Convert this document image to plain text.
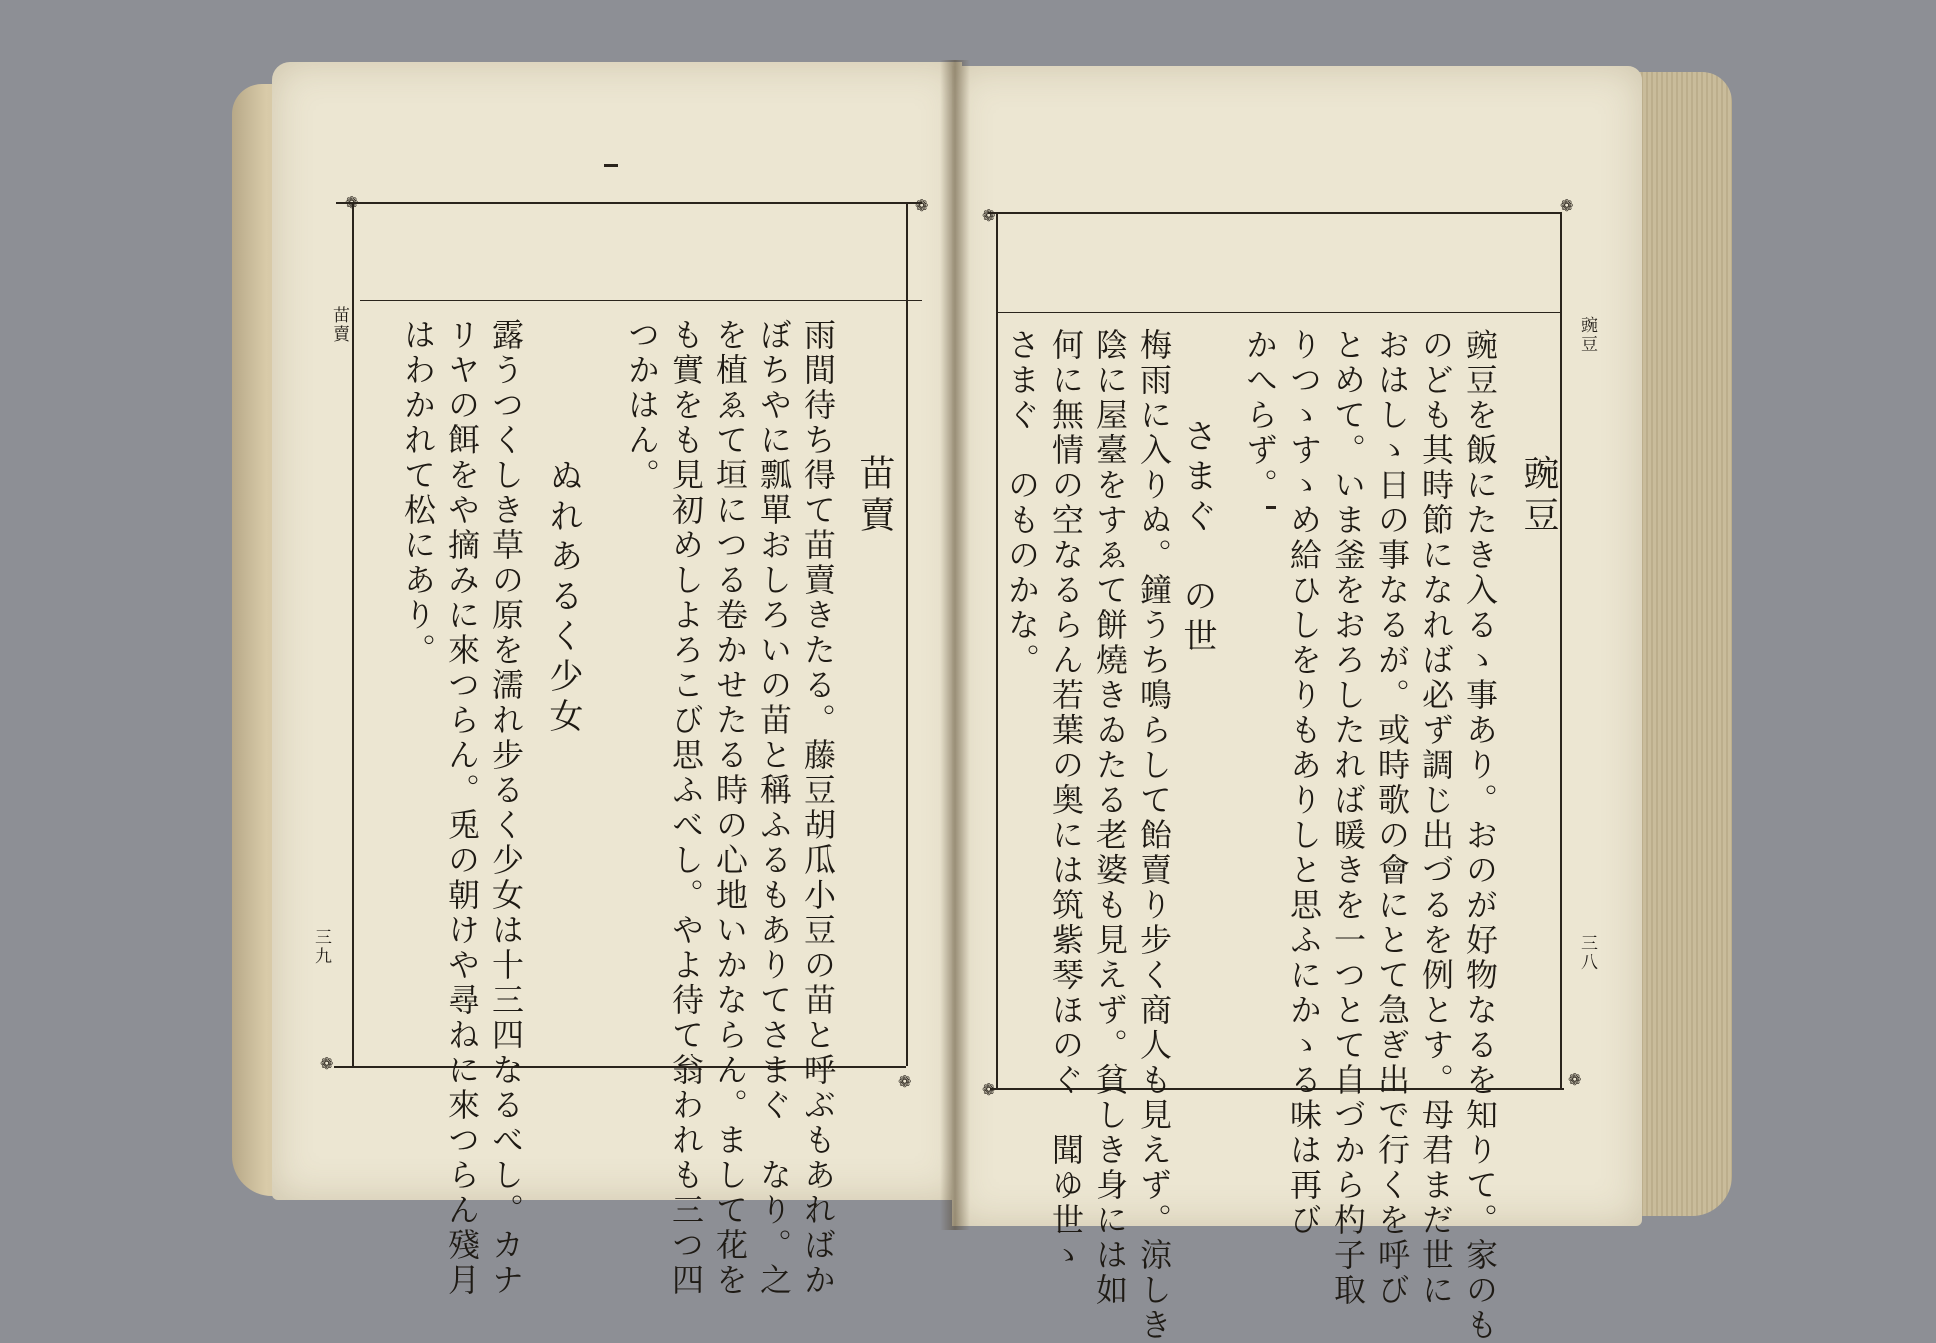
❁	❁
❁
❁
❁
❁
❁
❁
苗賣
三九
苗賣
雨間待ち得て苗賣きたる。藤豆胡瓜小豆の苗と呼ぶもあればか
ぼちやに瓢單おしろいの苗と稱ふるもありてさまぐ　なり。之
を植ゑて垣につる卷かせたる時の心地いかならん。まして花を
も實をも見初めしよろこび思ふべし。やよ待て翁われも三つ四
つかはん。
ぬれあるく少女
露うつくしき草の原を濡れ步るく少女は十三四なるべし。カナ
リヤの餌をや摘みに來つらん。兎の朝けや尋ねに來つらん殘月
はわかれて松にあり。	豌豆
三八
豌豆
豌豆を飯にたき入るゝ事あり。おのが好物なるを知りて。家のも
のども其時節になれば必ず調じ出づるを例とす。母君まだ世に
おはしゝ日の事なるが。或時歌の會にとて急ぎ出で行くを呼び
とめて。いま釜をおろしたれば暖きを一つとて自づから杓子取
りつゝすゝめ給ひしをりもありしと思ふにかゝる味は再び
かへらず。
さまぐ　の世
梅雨に入りぬ。鐘うち鳴らして飴賣り步く商人も見えず。涼しき
陰に屋臺をすゑて餅燒きゐたる老婆も見えず。貧しき身には如
何に無情の空なるらん若葉の奥には筑紫琴ほのぐ　聞ゆ世ゝ
さまぐ　のものかな。
